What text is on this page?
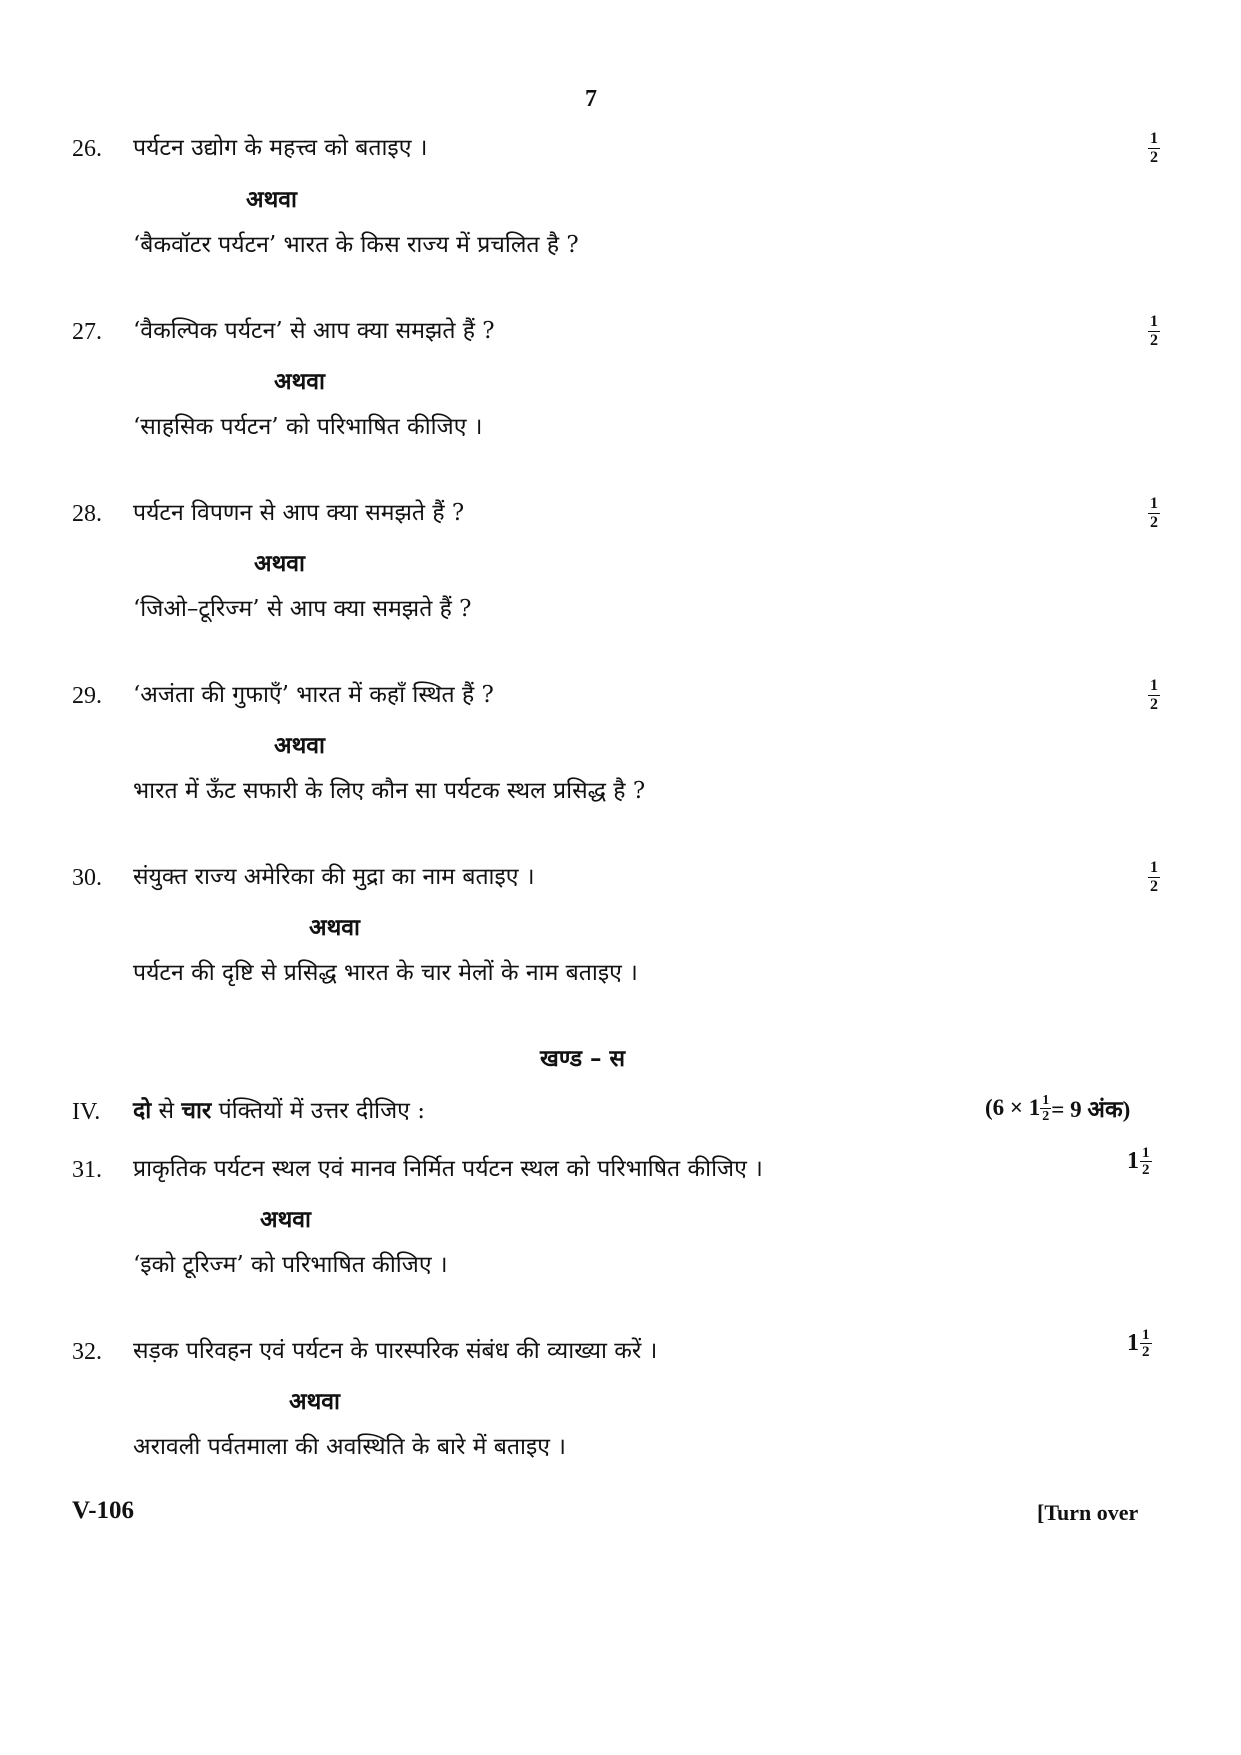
7
26. पर्यटन उद्योग के महत्त्व को बताइए ।	$\frac{1}{2}$
अथवा
‘बैकवॉटर पर्यटन’ भारत के किस राज्य में प्रचलित है ?
27. ‘वैकल्पिक पर्यटन’ से आप क्या समझते हैं ?	$\frac{1}{2}$
अथवा
‘साहसिक पर्यटन’ को परिभाषित कीजिए ।
28. पर्यटन विपणन से आप क्या समझते हैं ?	$\frac{1}{2}$
अथवा
‘जिओ–टूरिज्म’ से आप क्या समझते हैं ?
29. ‘अजंता की गुफाएँ’ भारत में कहाँ स्थित हैं ?	$\frac{1}{2}$
अथवा
भारत में ऊँट सफारी के लिए कौन सा पर्यटक स्थल प्रसिद्ध है ?
30. संयुक्त राज्य अमेरिका की मुद्रा का नाम बताइए ।	$\frac{1}{2}$
अथवा
पर्यटन की दृष्टि से प्रसिद्ध भारत के चार मेलों के नाम बताइए ।
खण्ड – स
IV. दो से चार पंक्तियों में उत्तर दीजिए :	($6 \times 1 \frac{1}{2} = 9$ अंक)
31. प्राकृतिक पर्यटन स्थल एवं मानव निर्मित पर्यटन स्थल को परिभाषित कीजिए ।	$1 \frac{1}{2}$
अथवा
‘इको टूरिज्म’ को परिभाषित कीजिए ।
32. सड़क परिवहन एवं पर्यटन के पारस्परिक संबंध की व्याख्या करें ।	$1 \frac{1}{2}$
अथवा
अरावली पर्वतमाला की अवस्थिति के बारे में बताइए ।
V-106	[Turn over
